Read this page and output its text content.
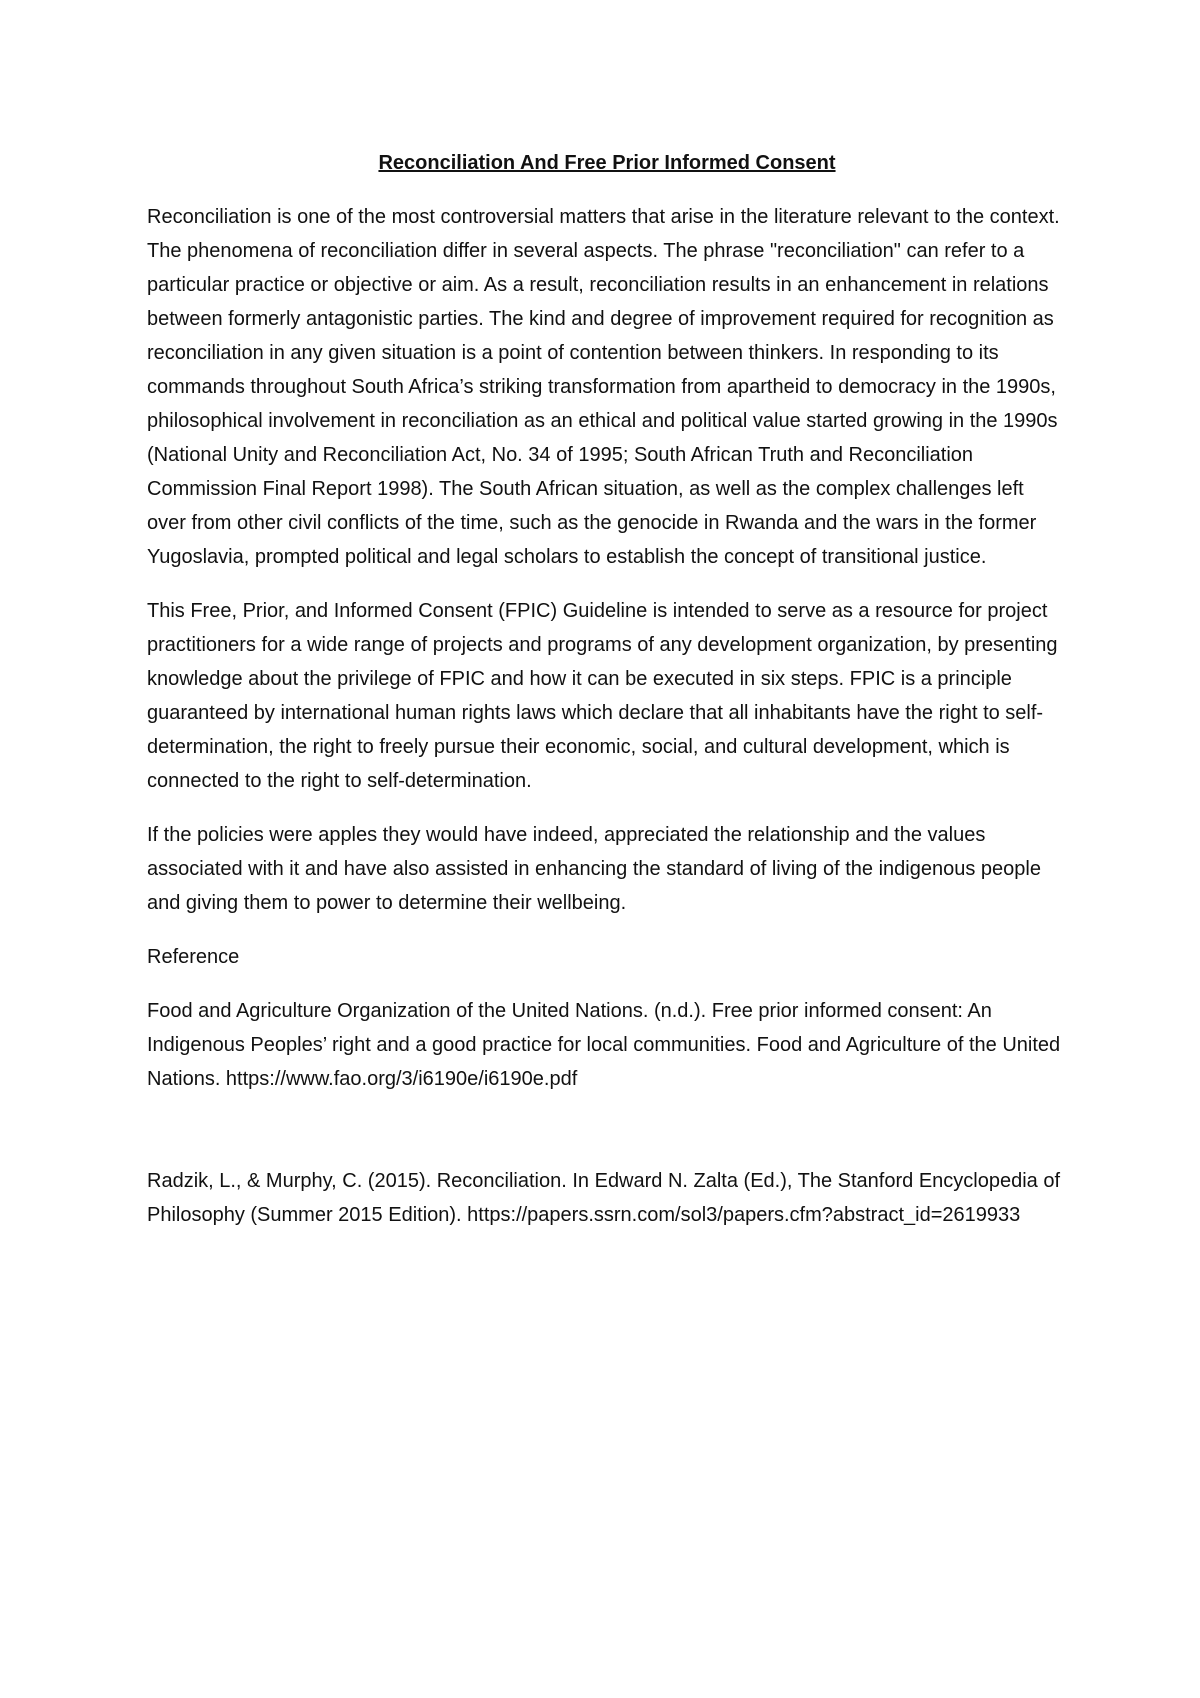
Reconciliation And Free Prior Informed Consent

Reconciliation is one of the most controversial matters that arise in the literature relevant to the context. The phenomena of reconciliation differ in several aspects. The phrase "reconciliation" can refer to a particular practice or objective or aim. As a result, reconciliation results in an enhancement in relations between formerly antagonistic parties. The kind and degree of improvement required for recognition as reconciliation in any given situation is a point of contention between thinkers. In responding to its commands throughout South Africa’s striking transformation from apartheid to democracy in the 1990s, philosophical involvement in reconciliation as an ethical and political value started growing in the 1990s (National Unity and Reconciliation Act, No. 34 of 1995; South African Truth and Reconciliation Commission Final Report 1998). The South African situation, as well as the complex challenges left over from other civil conflicts of the time, such as the genocide in Rwanda and the wars in the former Yugoslavia, prompted political and legal scholars to establish the concept of transitional justice.

This Free, Prior, and Informed Consent (FPIC) Guideline is intended to serve as a resource for project practitioners for a wide range of projects and programs of any development organization, by presenting knowledge about the privilege of FPIC and how it can be executed in six steps. FPIC is a principle guaranteed by international human rights laws which declare that all inhabitants have the right to self-determination, the right to freely pursue their economic, social, and cultural development, which is connected to the right to self-determination.

If the policies were apples they would have indeed, appreciated the relationship and the values associated with it and have also assisted in enhancing the standard of living of the indigenous people and giving them to power to determine their wellbeing.

Reference

Food and Agriculture Organization of the United Nations. (n.d.). Free prior informed consent: An Indigenous Peoples’ right and a good practice for local communities. Food and Agriculture of the United Nations. https://www.fao.org/3/i6190e/i6190e.pdf

Radzik, L., & Murphy, C. (2015). Reconciliation. In Edward N. Zalta (Ed.), The Stanford Encyclopedia of Philosophy (Summer 2015 Edition). https://papers.ssrn.com/sol3/papers.cfm?abstract_id=2619933
